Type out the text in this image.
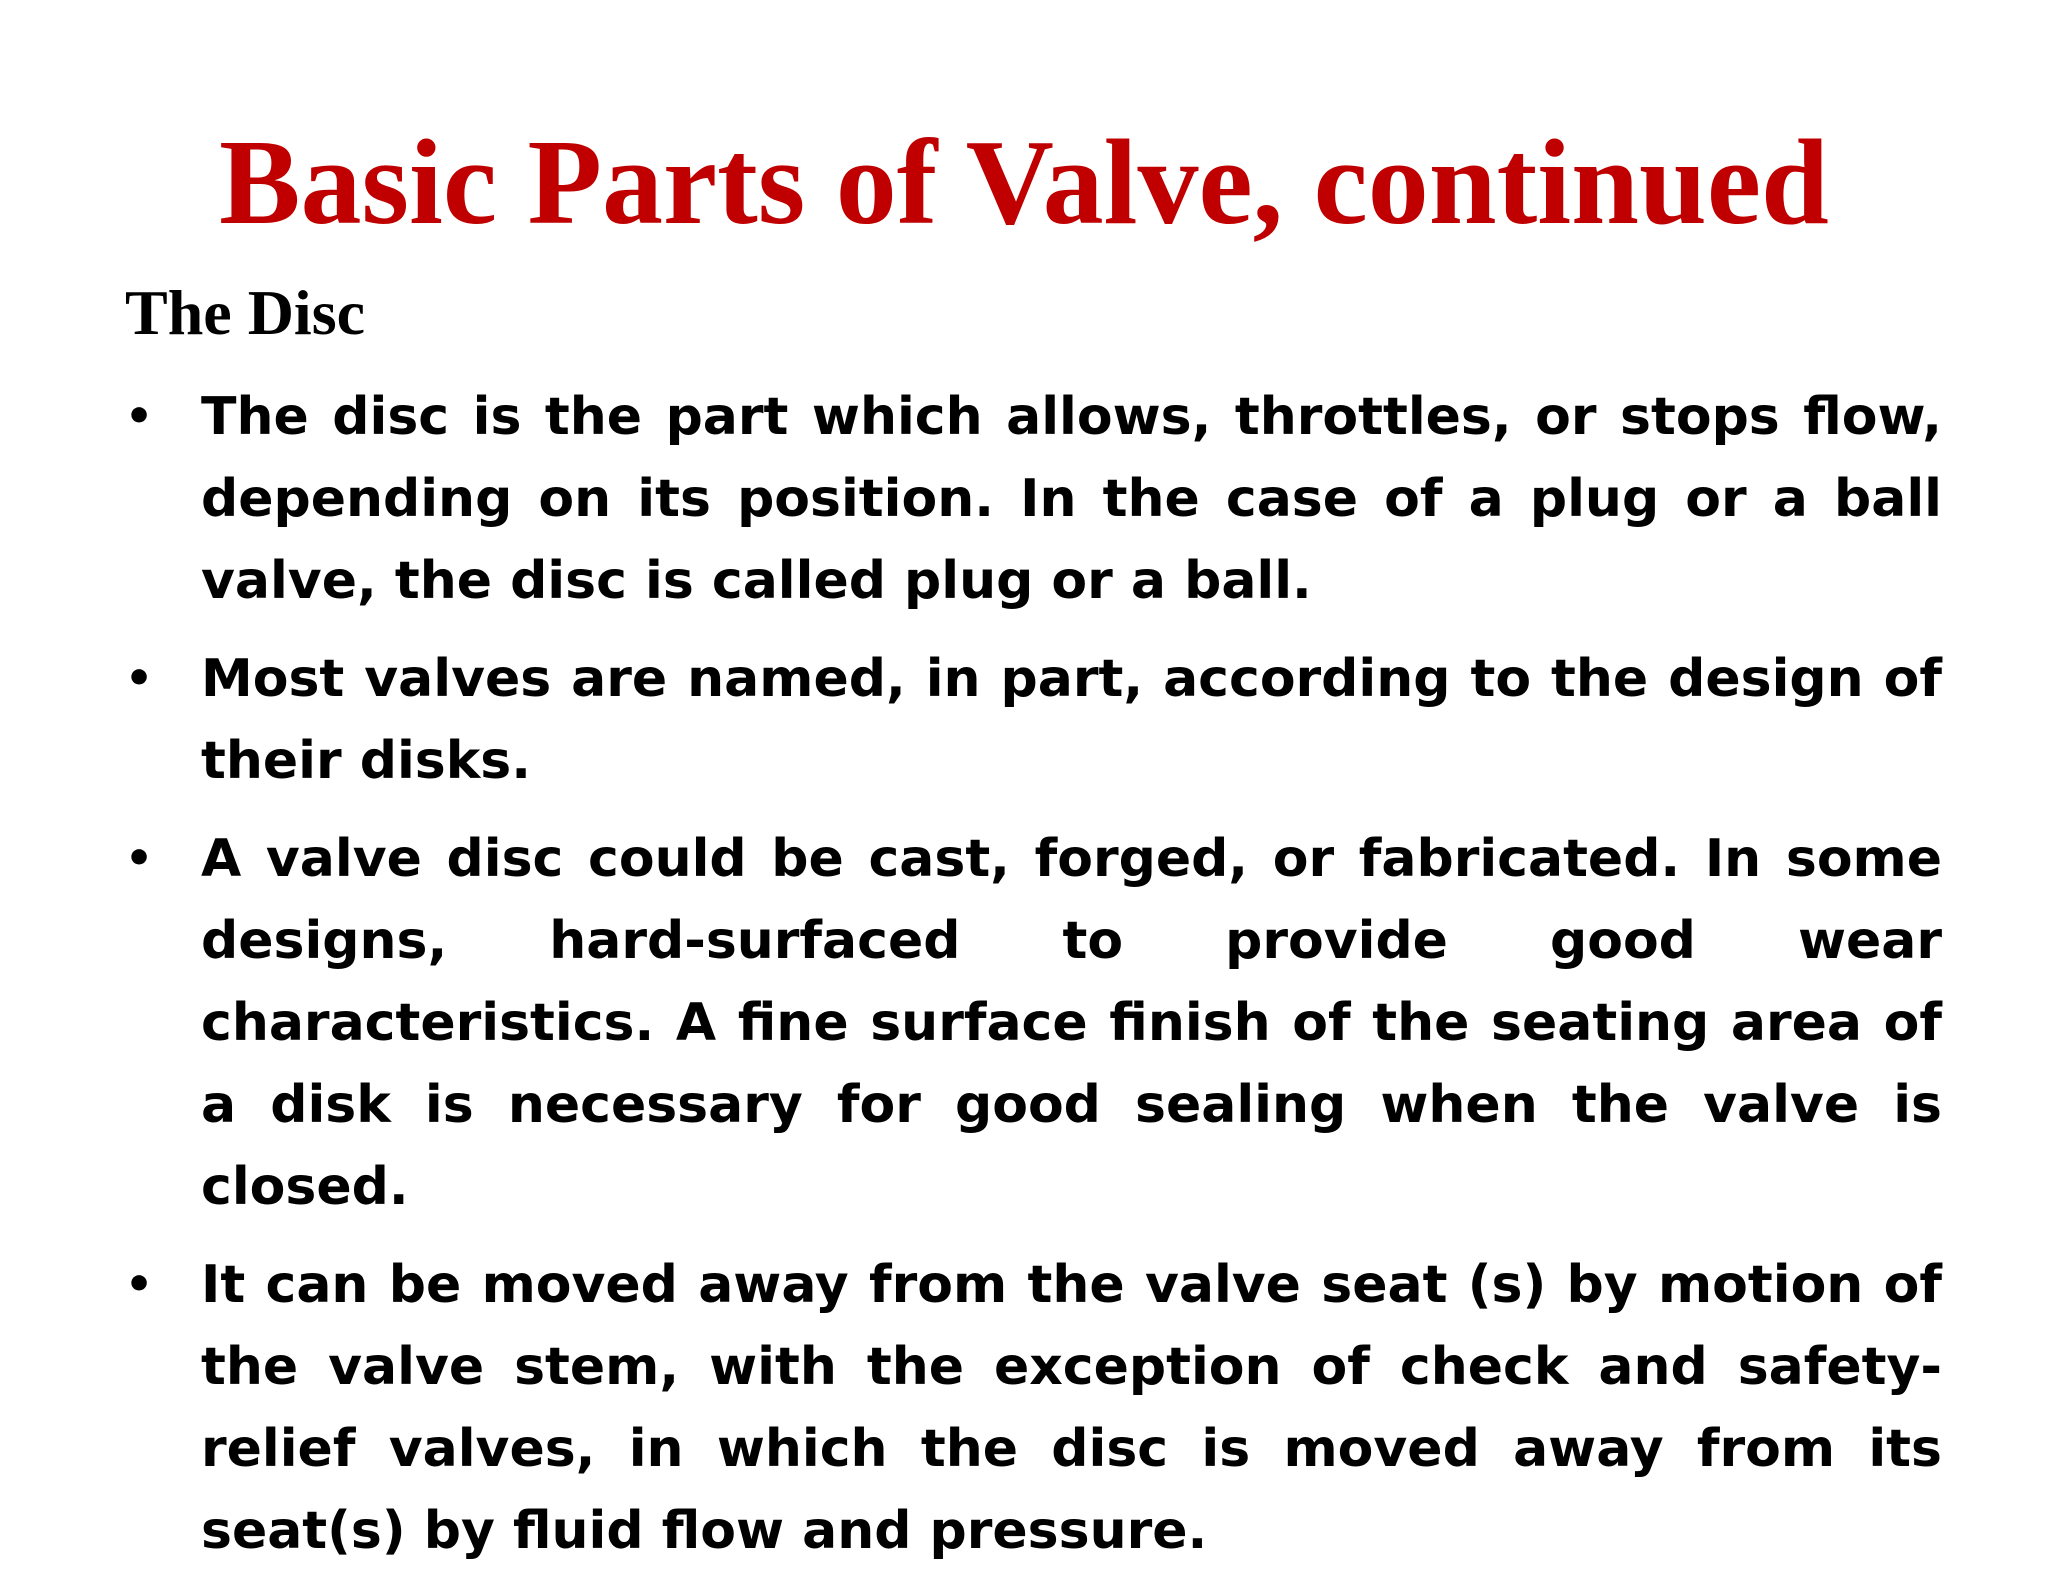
Basic Parts of Valve, continued
The Disc
• The disc is the part which allows, throttles, or stops flow, depending on its position. In the case of a plug or a ball valve, the disc is called plug or a ball.
• Most valves are named, in part, according to the design of their disks.
• A valve disc could be cast, forged, or fabricated. In some designs, hard-surfaced to provide good wear characteristics. A fine surface finish of the seating area of a disk is necessary for good sealing when the valve is closed.
• It can be moved away from the valve seat (s) by motion of the valve stem, with the exception of check and safety-relief valves, in which the disc is moved away from its seat(s) by fluid flow and pressure.
